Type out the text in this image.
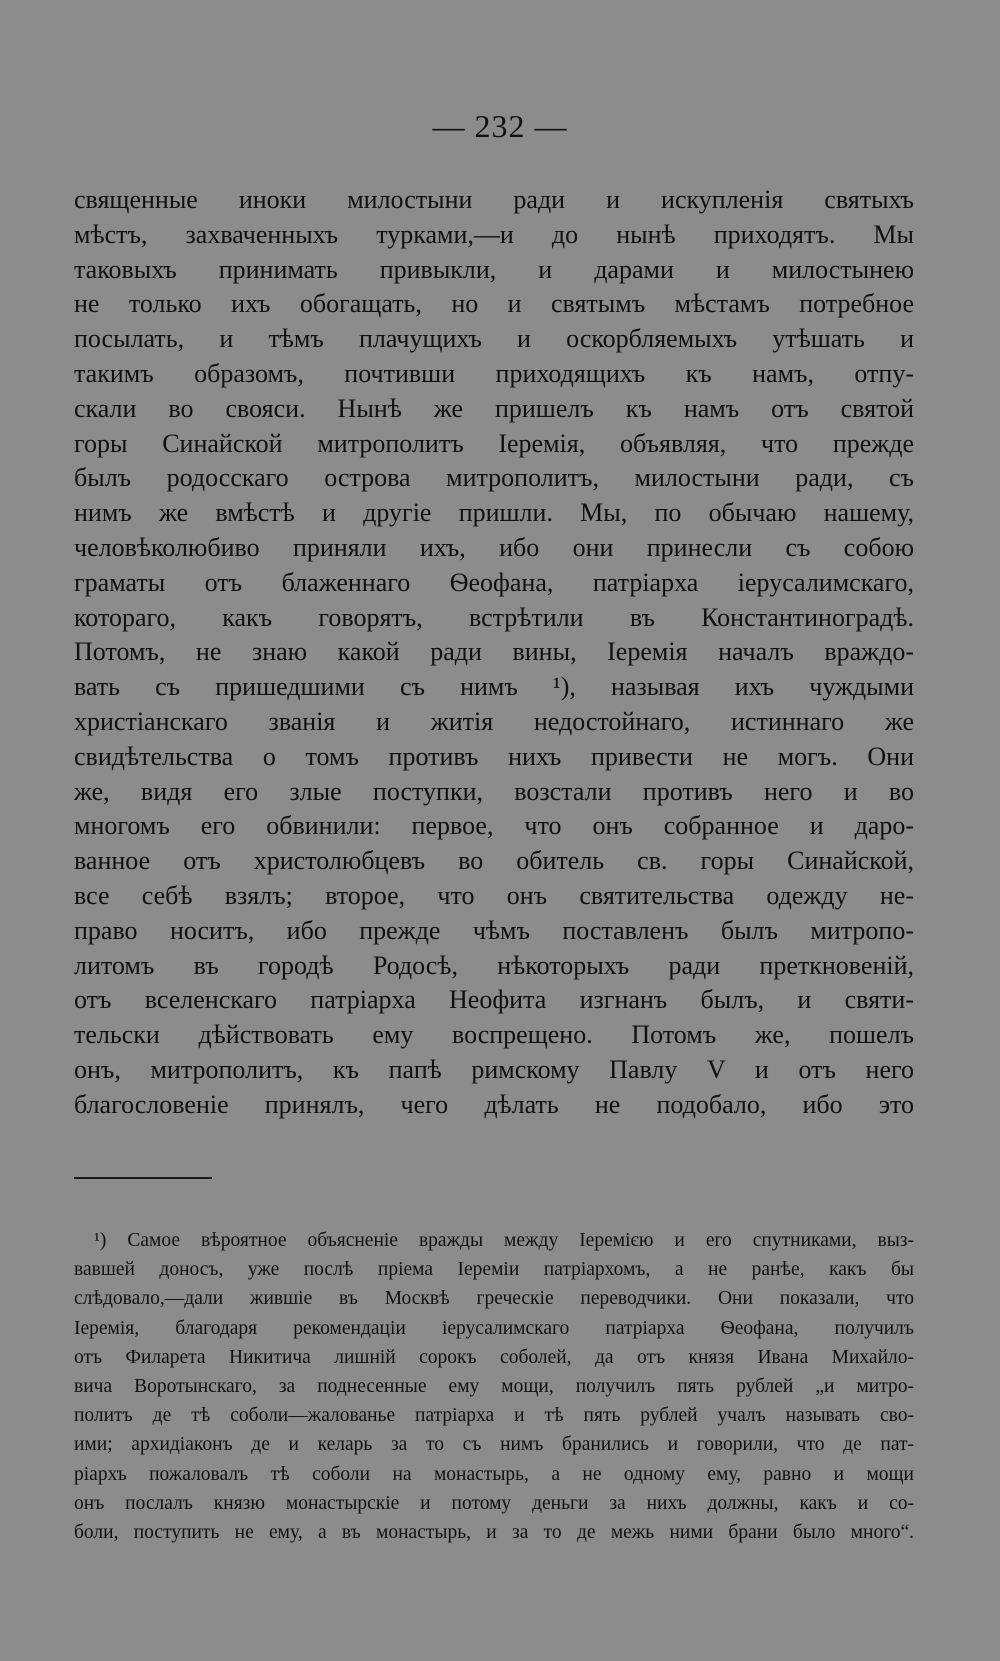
— 232 —
священные иноки милостыни ради и искупленія святыхъ
мѣстъ, захваченныхъ турками,—и до нынѣ приходятъ. Мы
таковыхъ принимать привыкли, и дарами и милостынею
не только ихъ обогащать, но и святымъ мѣстамъ потребное
посылать, и тѣмъ плачущихъ и оскорбляемыхъ утѣшать и
такимъ образомъ, почтивши приходящихъ къ намъ, отпу-
скали во свояси. Нынѣ же пришелъ къ намъ отъ святой
горы Синайской митрополитъ Іеремія, объявляя, что прежде
былъ родосскаго острова митрополитъ, милостыни ради, съ
нимъ же вмѣстѣ и другіе пришли. Мы, по обычаю нашему,
человѣколюбиво приняли ихъ, ибо они принесли съ собою
граматы отъ блаженнаго Ѳеофана, патріарха іерусалимскаго,
котораго, какъ говорятъ, встрѣтили въ Константиноградѣ.
Потомъ, не знаю какой ради вины, Іеремія началъ враждо-
вать съ пришедшими съ нимъ ¹), называя ихъ чуждыми
христіанскаго званія и житія недостойнаго, истиннаго же
свидѣтельства о томъ противъ нихъ привести не могъ. Они
же, видя его злые поступки, возстали противъ него и во
многомъ его обвинили: первое, что онъ собранное и даро-
ванное отъ христолюбцевъ во обитель св. горы Синайской,
все себѣ взялъ; второе, что онъ святительства одежду не-
право носитъ, ибо прежде чѣмъ поставленъ былъ митропо-
литомъ въ городѣ Родосѣ, нѣкоторыхъ ради преткновеній,
отъ вселенскаго патріарха Неофита изгнанъ былъ, и святи-
тельски дѣйствовать ему воспрещено. Потомъ же, пошелъ
онъ, митрополитъ, къ папѣ римскому Павлу V и отъ него
благословеніе принялъ, чего дѣлать не подобало, ибо это
¹) Самое вѣроятное объясненіе вражды между Іеремією и его спутниками, выз-
вавшей доносъ, уже послѣ пріема Іереміи патріархомъ, а не ранѣе, какъ бы
слѣдовало,—дали жившіе въ Москвѣ греческіе переводчики. Они показали, что
Іеремія, благодаря рекомендаціи іерусалимскаго патріарха Ѳеофана, получилъ
отъ Филарета Никитича лишній сорокъ соболей, да отъ князя Ивана Михайло-
вича Воротынскаго, за поднесенные ему мощи, получилъ пять рублей „и митро-
политъ де тѣ соболи—жалованье патріарха и тѣ пять рублей учалъ называть сво-
ими; архидіаконъ де и келарь за то съ нимъ бранились и говорили, что де пат-
ріархъ пожаловалъ тѣ соболи на монастырь, а не одному ему, равно и мощи
онъ послалъ князю монастырскіе и потому деньги за нихъ должны, какъ и со-
боли, поступить не ему, а въ монастырь, и за то де межь ними брани было много“.
